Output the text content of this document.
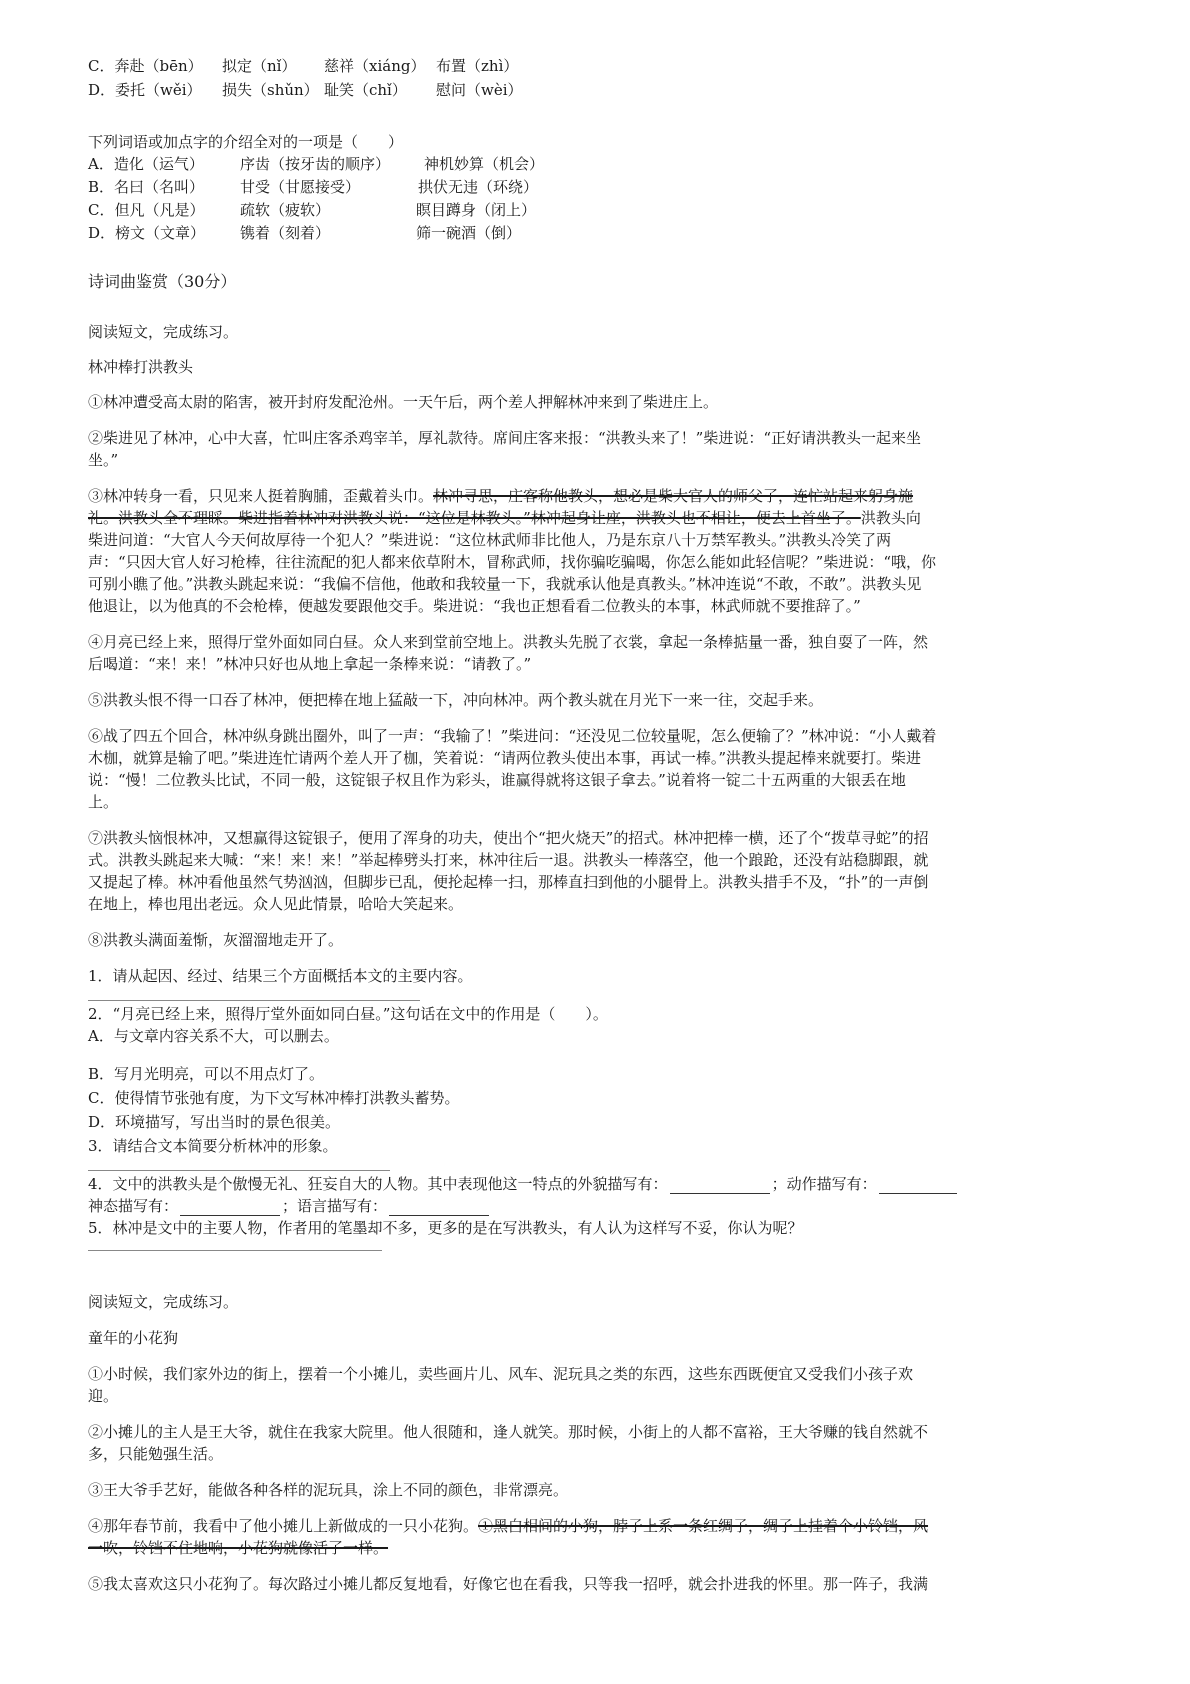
C．奔赴（bēn） 拟定（nǐ） 慈祥（xiáng） 布置（zhì）
D．委托（wěi） 损失（shǔn） 耻笑（chǐ） 慰问（wèi）
下列词语或加点字的介绍全对的一项是（　　）
A．造化（运气） 序齿（按牙齿的顺序） 神机妙算（机会）
B．名曰（名叫） 甘受（甘愿接受）	拱伏无违（环绕）
C．但凡（凡是） 疏软（疲软）	瞑目蹲身（闭上）
D．榜文（文章） 镌着（刻着）	筛一碗酒（倒）
诗词曲鉴赏（30分）
阅读短文，完成练习。
林冲棒打洪教头
①林冲遭受高太尉的陷害，被开封府发配沧州。一天午后，两个差人押解林冲来到了柴进庄上。
②柴进见了林冲，心中大喜，忙叫庄客杀鸡宰羊，厚礼款待。席间庄客来报：“洪教头来了！”柴进说：“正好请洪教头一起来坐
坐。”
③林冲转身一看，只见来人挺着胸脯，歪戴着头巾。林冲寻思，庄客称他教头，想必是柴大官人的师父了，连忙站起来躬身施
礼。洪教头全不理睬。柴进指着林冲对洪教头说：“这位是林教头。”林冲起身让座，洪教头也不相让，便去上首坐了。洪教头向
柴进问道：“大官人今天何故厚待一个犯人？”柴进说：“这位林武师非比他人，乃是东京八十万禁军教头。”洪教头冷笑了两
声：“只因大官人好习枪棒，往往流配的犯人都来依草附木，冒称武师，找你骗吃骗喝，你怎么能如此轻信呢？”柴进说：“哦，你
可别小瞧了他。”洪教头跳起来说：“我偏不信他，他敢和我较量一下，我就承认他是真教头。”林冲连说“不敢，不敢”。洪教头见
他退让，以为他真的不会枪棒，便越发要跟他交手。柴进说：“我也正想看看二位教头的本事，林武师就不要推辞了。”
④月亮已经上来，照得厅堂外面如同白昼。众人来到堂前空地上。洪教头先脱了衣裳，拿起一条棒掂量一番，独自耍了一阵，然
后喝道：“来！来！”林冲只好也从地上拿起一条棒来说：“请教了。”
⑤洪教头恨不得一口吞了林冲，便把棒在地上猛敲一下，冲向林冲。两个教头就在月光下一来一往，交起手来。
⑥战了四五个回合，林冲纵身跳出圈外，叫了一声：“我输了！”柴进问：“还没见二位较量呢，怎么便输了？”林冲说：“小人戴着
木枷，就算是输了吧。”柴进连忙请两个差人开了枷，笑着说：“请两位教头使出本事，再试一棒。”洪教头提起棒来就要打。柴进
说：“慢！二位教头比试，不同一般，这锭银子权且作为彩头，谁赢得就将这银子拿去。”说着将一锭二十五两重的大银丢在地
上。
⑦洪教头恼恨林冲，又想赢得这锭银子，便用了浑身的功夫，使出个“把火烧天”的招式。林冲把棒一横，还了个“拨草寻蛇”的招
式。洪教头跳起来大喊：“来！来！来！”举起棒劈头打来，林冲往后一退。洪教头一棒落空，他一个踉跄，还没有站稳脚跟，就
又提起了棒。林冲看他虽然气势汹汹，但脚步已乱，便抡起棒一扫，那棒直扫到他的小腿骨上。洪教头措手不及，“扑”的一声倒
在地上，棒也甩出老远。众人见此情景，哈哈大笑起来。
⑧洪教头满面羞惭，灰溜溜地走开了。
1．请从起因、经过、结果三个方面概括本文的主要内容。
2．“月亮已经上来，照得厅堂外面如同白昼。”这句话在文中的作用是（　　）。
A．与文章内容关系不大，可以删去。
B．写月光明亮，可以不用点灯了。
C．使得情节张弛有度，为下文写林冲棒打洪教头蓄势。
D．环境描写，写出当时的景色很美。
3．请结合文本简要分析林冲的形象。
4．文中的洪教头是个傲慢无礼、狂妄自大的人物。其中表现他这一特点的外貌描写有：	；动作描写有：
神态描写有：	；语言描写有：
5．林冲是文中的主要人物，作者用的笔墨却不多，更多的是在写洪教头，有人认为这样写不妥，你认为呢？
阅读短文，完成练习。
童年的小花狗
①小时候，我们家外边的街上，摆着一个小摊儿，卖些画片儿、风车、泥玩具之类的东西，这些东西既便宜又受我们小孩子欢
迎。
②小摊儿的主人是王大爷，就住在我家大院里。他人很随和，逢人就笑。那时候，小街上的人都不富裕，王大爷赚的钱自然就不
多，只能勉强生活。
③王大爷手艺好，能做各种各样的泥玩具，涂上不同的颜色，非常漂亮。
④那年春节前，我看中了他小摊儿上新做成的一只小花狗。①黑白相间的小狗，脖子上系一条红绸子，绸子上挂着个小铃铛，风
一吹，铃铛不住地响，小花狗就像活了一样。
⑤我太喜欢这只小花狗了。每次路过小摊儿都反复地看，好像它也在看我，只等我一招呼，就会扑进我的怀里。那一阵子，我满
